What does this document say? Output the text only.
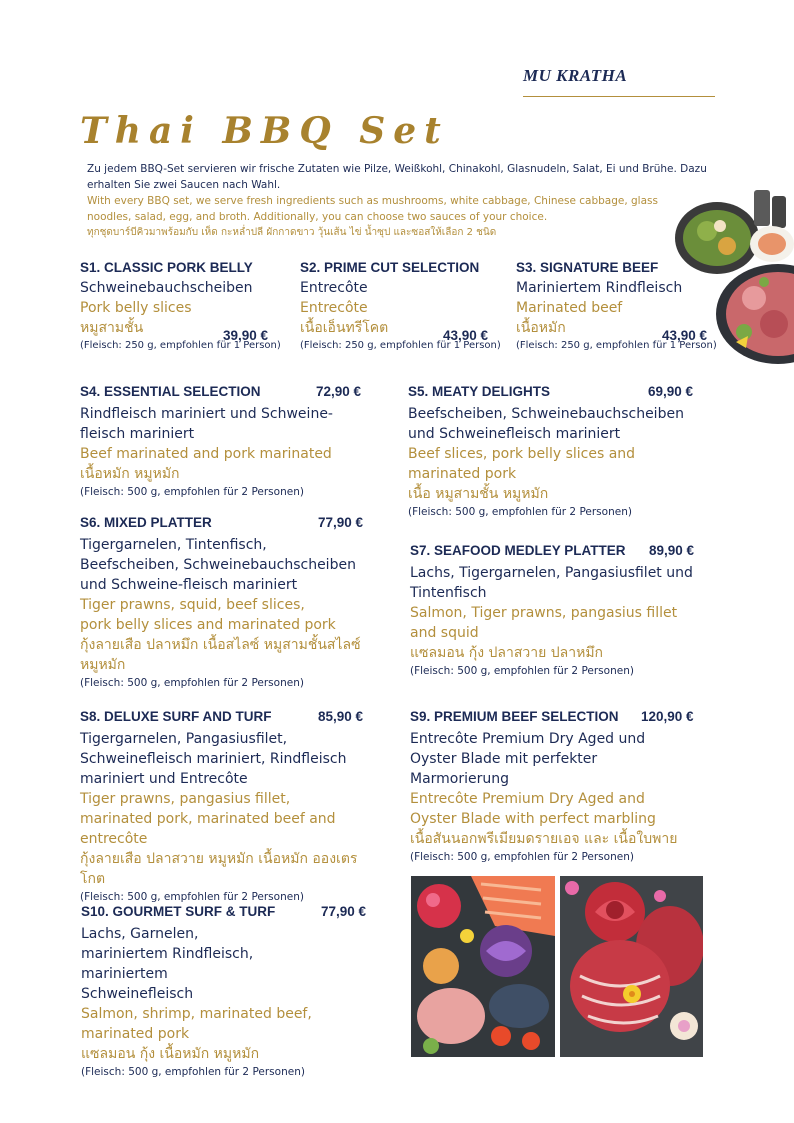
MU KRATHA
Thai BBQ Set
Zu jedem BBQ-Set servieren wir frische Zutaten wie Pilze, Weißkohl, Chinakohl, Glasnudeln, Salat, Ei und Brühe. Dazu erhalten Sie zwei Saucen nach Wahl.
With every BBQ set, we serve fresh ingredients such as mushrooms, white cabbage, Chinese cabbage, glass noodles, salad, egg, and broth. Additionally, you can choose two sauces of your choice.
ทุกชุดบาร์บีคิวมาพร้อมกับ เห็ด กะหล่ำปลี ผักกาดขาว วุ้นเส้น ไข่ น้ำซุป และซอสให้เลือก 2 ชนิด
S1. CLASSIC PORK BELLY
Schweinebauchscheiben
Pork belly slices
หมูสามชั้น	39,90 €
(Fleisch: 250 g, empfohlen für 1 Person)
S2. PRIME CUT SELECTION
Entrecôte
Entrecôte
เนื้อเอ็นทรีโคต	43,90 €
(Fleisch: 250 g, empfohlen für 1 Person)
S3. SIGNATURE BEEF
Mariniertem Rindfleisch
Marinated beef
เนื้อหมัก	43,90 €
(Fleisch: 250 g, empfohlen für 1 Person)
S4. ESSENTIAL SELECTION	72,90 €
Rindfleisch mariniert und Schweine-fleisch mariniert
Beef marinated and pork marinated
เนื้อหมัก หมูหมัก
(Fleisch: 500 g, empfohlen für 2 Personen)
S5. MEATY DELIGHTS	69,90 €
Beefscheiben, Schweinebauchscheiben und Schweinefleisch mariniert
Beef slices, pork belly slices and marinated pork
เนื้อ หมูสามชั้น หมูหมัก
(Fleisch: 500 g, empfohlen für 2 Personen)
S6. MIXED PLATTER	77,90 €
Tigergarnelen, Tintenfisch, Beefscheiben, Schweinebauchscheiben und Schweine-fleisch mariniert
Tiger prawns, squid, beef slices, pork belly slices and marinated pork
กุ้งลายเสือ ปลาหมึก เนื้อสไลซ์ หมูสามชั้นสไลซ์ หมูหมัก
(Fleisch: 500 g, empfohlen für 2 Personen)
S7. SEAFOOD MEDLEY PLATTER	89,90 €
Lachs, Tigergarnelen, Pangasiusfilet und Tintenfisch
Salmon, Tiger prawns, pangasius fillet and squid
แซลมอน กุ้ง ปลาสวาย ปลาหมึก
(Fleisch: 500 g, empfohlen für 2 Personen)
S8. DELUXE SURF AND TURF	85,90 €
Tigergarnelen, Pangasiusfilet, Schweinefleisch mariniert, Rindfleisch mariniert und Entrecôte
Tiger prawns, pangasius fillet, marinated pork, marinated beef and entrecôte
กุ้งลายเสือ ปลาสวาย หมูหมัก เนื้อหมัก อองเตรโกต
(Fleisch: 500 g, empfohlen für 2 Personen)
S9. PREMIUM BEEF SELECTION	120,90 €
Entrecôte Premium Dry Aged und Oyster Blade mit perfekter Marmorierung
Entrecôte Premium Dry Aged and Oyster Blade with perfect marbling
เนื้อสันนอกพรีเมียมดรายเอจ และ เนื้อใบพาย
(Fleisch: 500 g, empfohlen für 2 Personen)
S10. GOURMET SURF & TURF	77,90 €
Lachs, Garnelen, mariniertem Rindfleisch, mariniertem Schweinefleisch
Salmon, shrimp, marinated beef, marinated pork
แซลมอน กุ้ง เนื้อหมัก หมูหมัก
(Fleisch: 500 g, empfohlen für 2 Personen)
